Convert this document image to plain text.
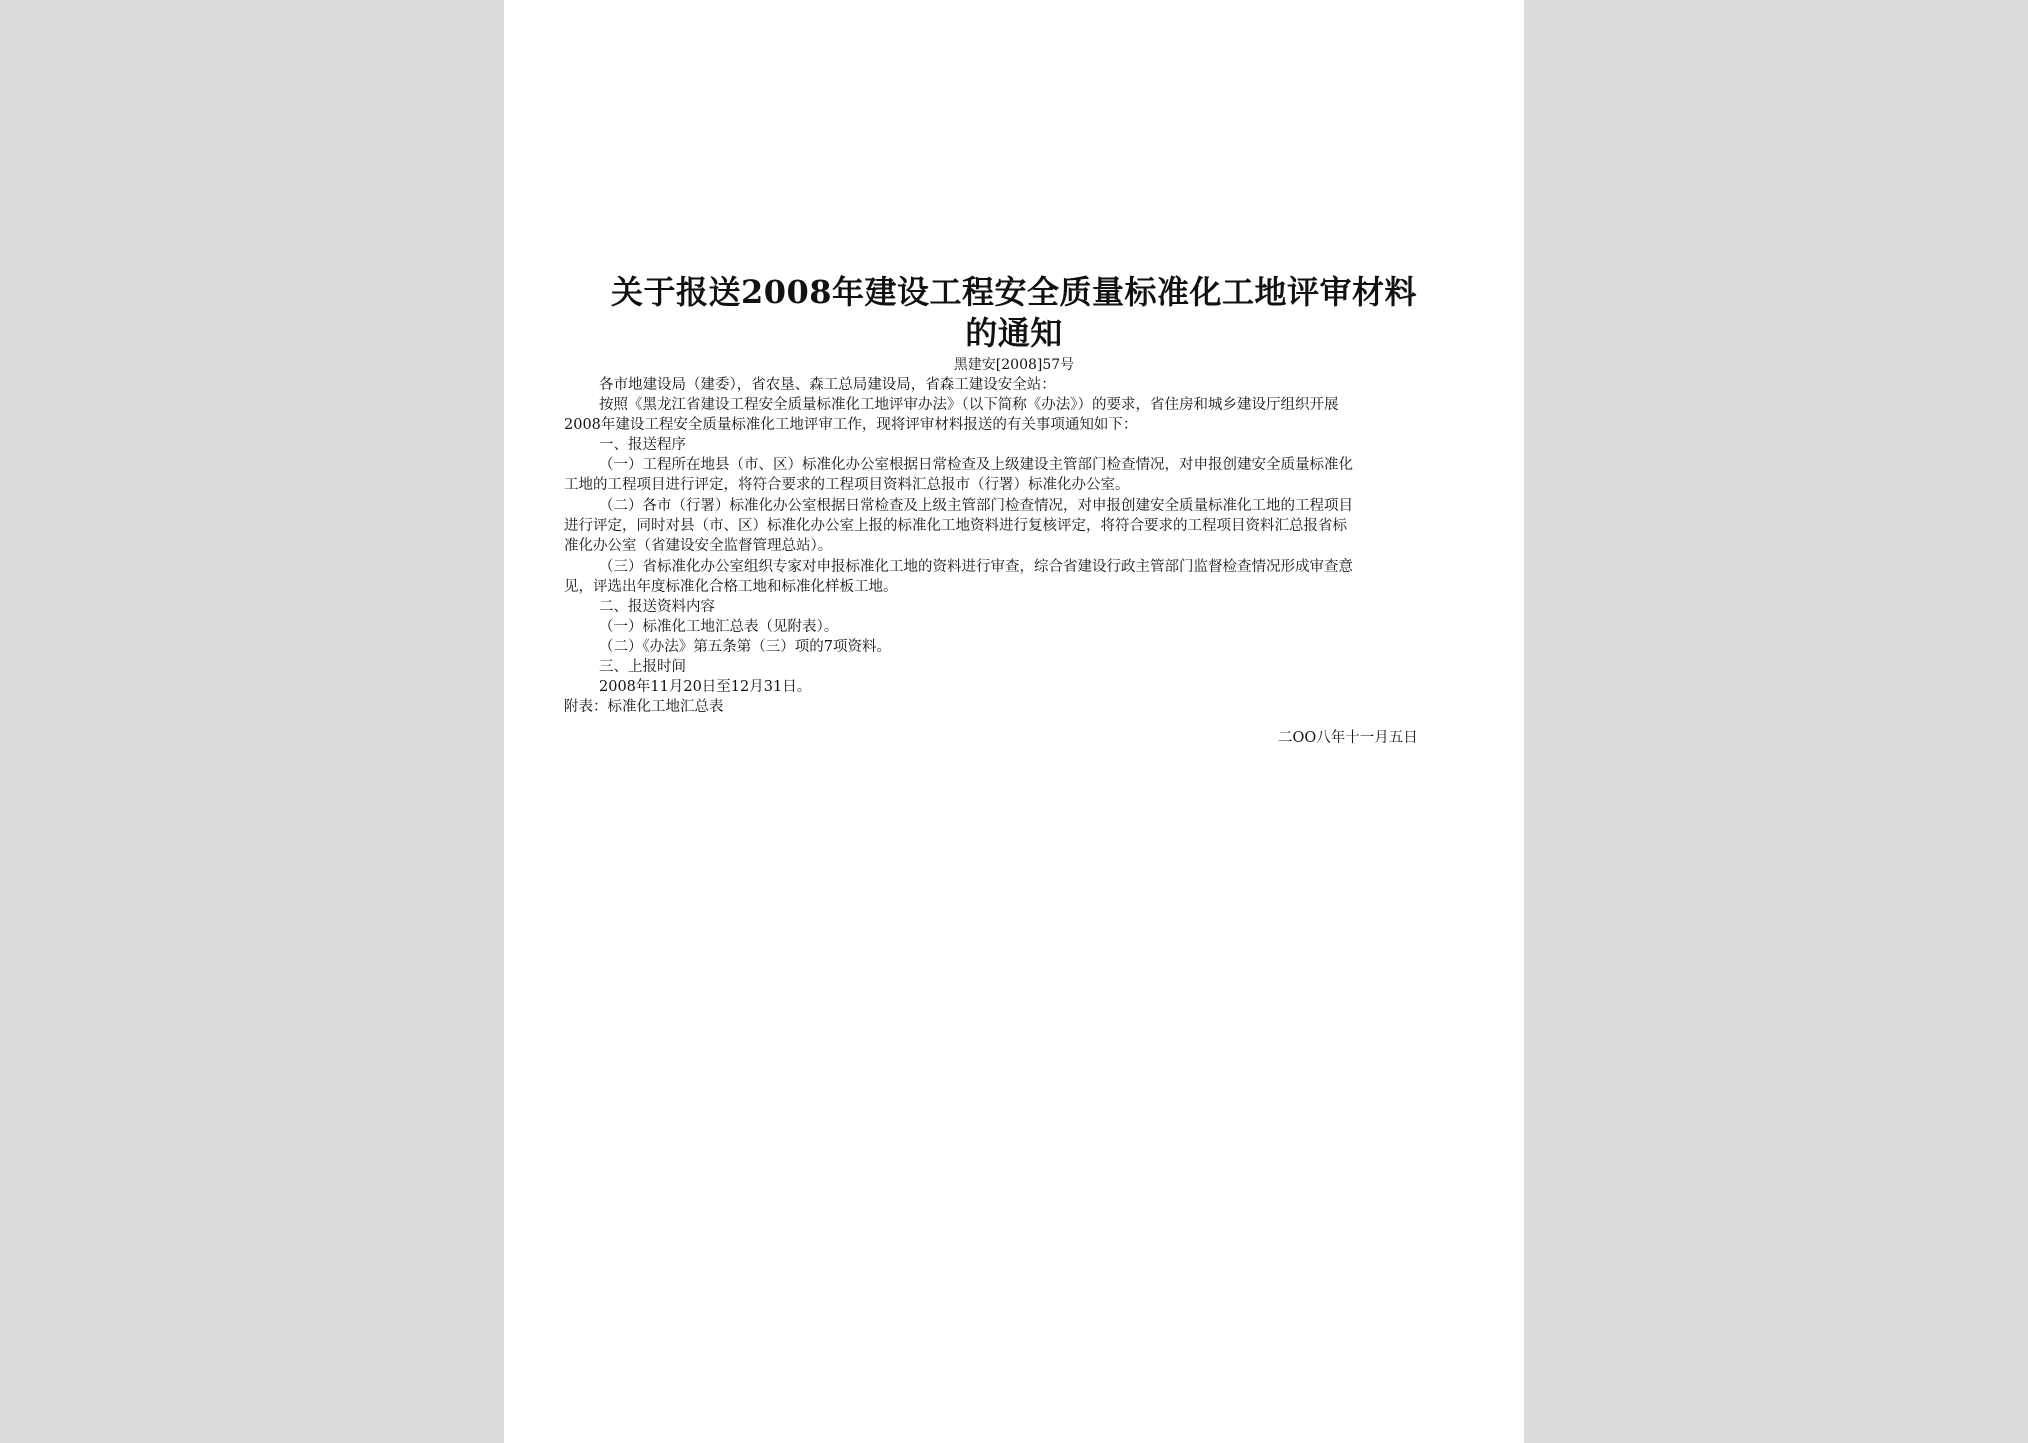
关于报送2008年建设工程安全质量标准化工地评审材料
的通知
黑建安[2008]57号
各市地建设局（建委），省农垦、森工总局建设局，省森工建设安全站：
按照《黑龙江省建设工程安全质量标准化工地评审办法》（以下简称《办法》）的要求，省住房和城乡建设厅组织开展
2008年建设工程安全质量标准化工地评审工作，现将评审材料报送的有关事项通知如下：
一、报送程序
（一）工程所在地县（市、区）标准化办公室根据日常检查及上级建设主管部门检查情况，对申报创建安全质量标准化
工地的工程项目进行评定，将符合要求的工程项目资料汇总报市（行署）标准化办公室。
（二）各市（行署）标准化办公室根据日常检查及上级主管部门检查情况，对申报创建安全质量标准化工地的工程项目
进行评定，同时对县（市、区）标准化办公室上报的标准化工地资料进行复核评定，将符合要求的工程项目资料汇总报省标
准化办公室（省建设安全监督管理总站）。
（三）省标准化办公室组织专家对申报标准化工地的资料进行审查，综合省建设行政主管部门监督检查情况形成审查意
见，评选出年度标准化合格工地和标准化样板工地。
二、报送资料内容
（一）标准化工地汇总表（见附表）。
（二）《办法》第五条第（三）项的7项资料。
三、上报时间
2008年11月20日至12月31日。
附表：标准化工地汇总表
二OO八年十一月五日
